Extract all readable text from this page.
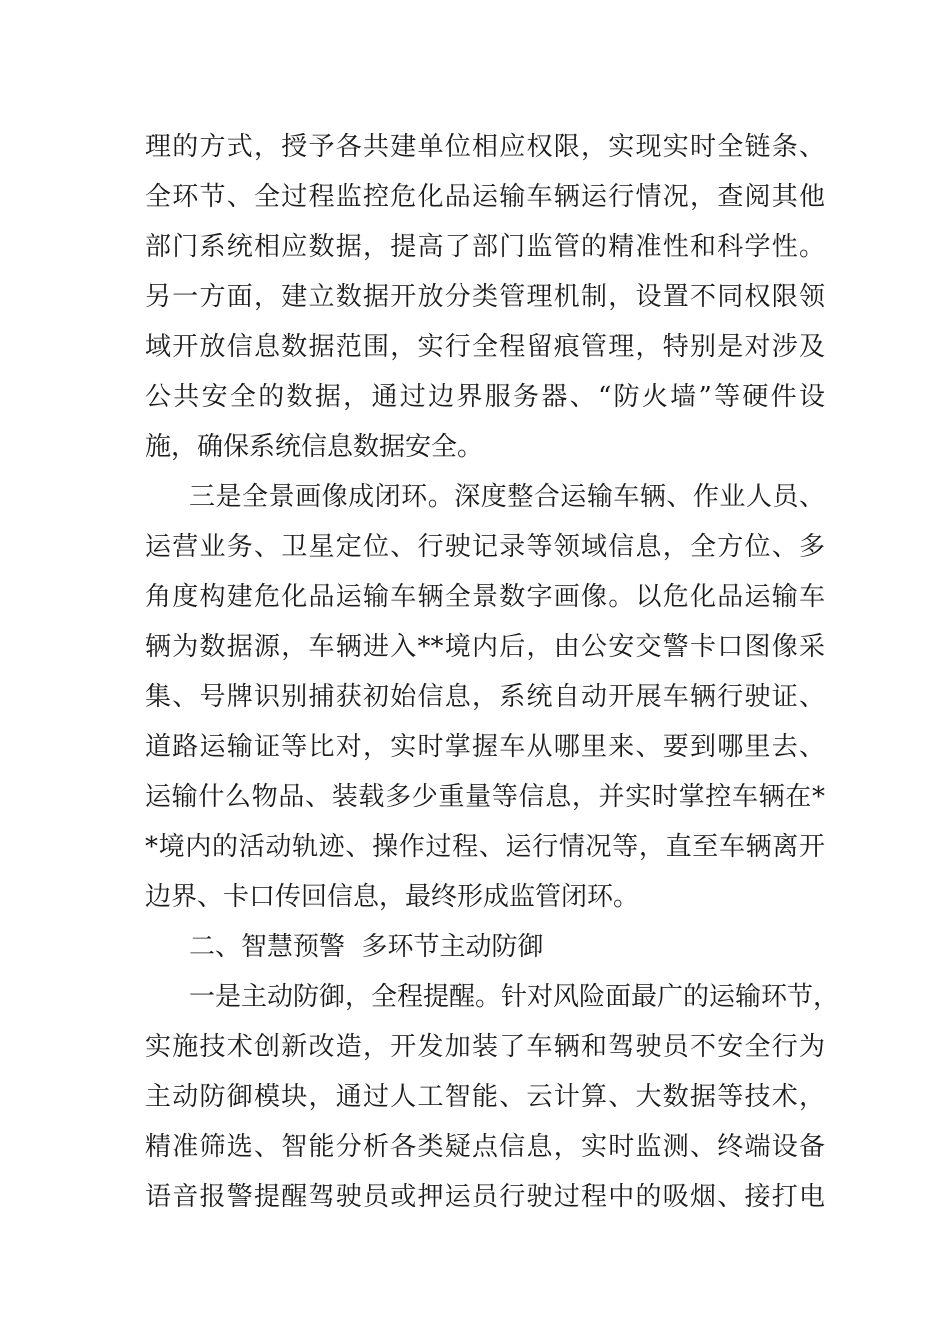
理的方式，授予各共建单位相应权限，实现实时全链条、
全环节、全过程监控危化品运输车辆运行情况，查阅其他
部门系统相应数据，提高了部门监管的精准性和科学性。
另一方面，建立数据开放分类管理机制，设置不同权限领
域开放信息数据范围，实行全程留痕管理，特别是对涉及
公共安全的数据，通过边界服务器、“防火墙”等硬件设
施，确保系统信息数据安全。
三是全景画像成闭环。深度整合运输车辆、作业人员、
运营业务、卫星定位、行驶记录等领域信息，全方位、多
角度构建危化品运输车辆全景数字画像。以危化品运输车
辆为数据源，车辆进入**境内后，由公安交警卡口图像采
集、号牌识别捕获初始信息，系统自动开展车辆行驶证、
道路运输证等比对，实时掌握车从哪里来、要到哪里去、
运输什么物品、装载多少重量等信息，并实时掌控车辆在*
*境内的活动轨迹、操作过程、运行情况等，直至车辆离开
边界、卡口传回信息，最终形成监管闭环。
二、智慧预警  多环节主动防御
一是主动防御，全程提醒。针对风险面最广的运输环节，
实施技术创新改造，开发加装了车辆和驾驶员不安全行为
主动防御模块，通过人工智能、云计算、大数据等技术，
精准筛选、智能分析各类疑点信息，实时监测、终端设备
语音报警提醒驾驶员或押运员行驶过程中的吸烟、接打电
